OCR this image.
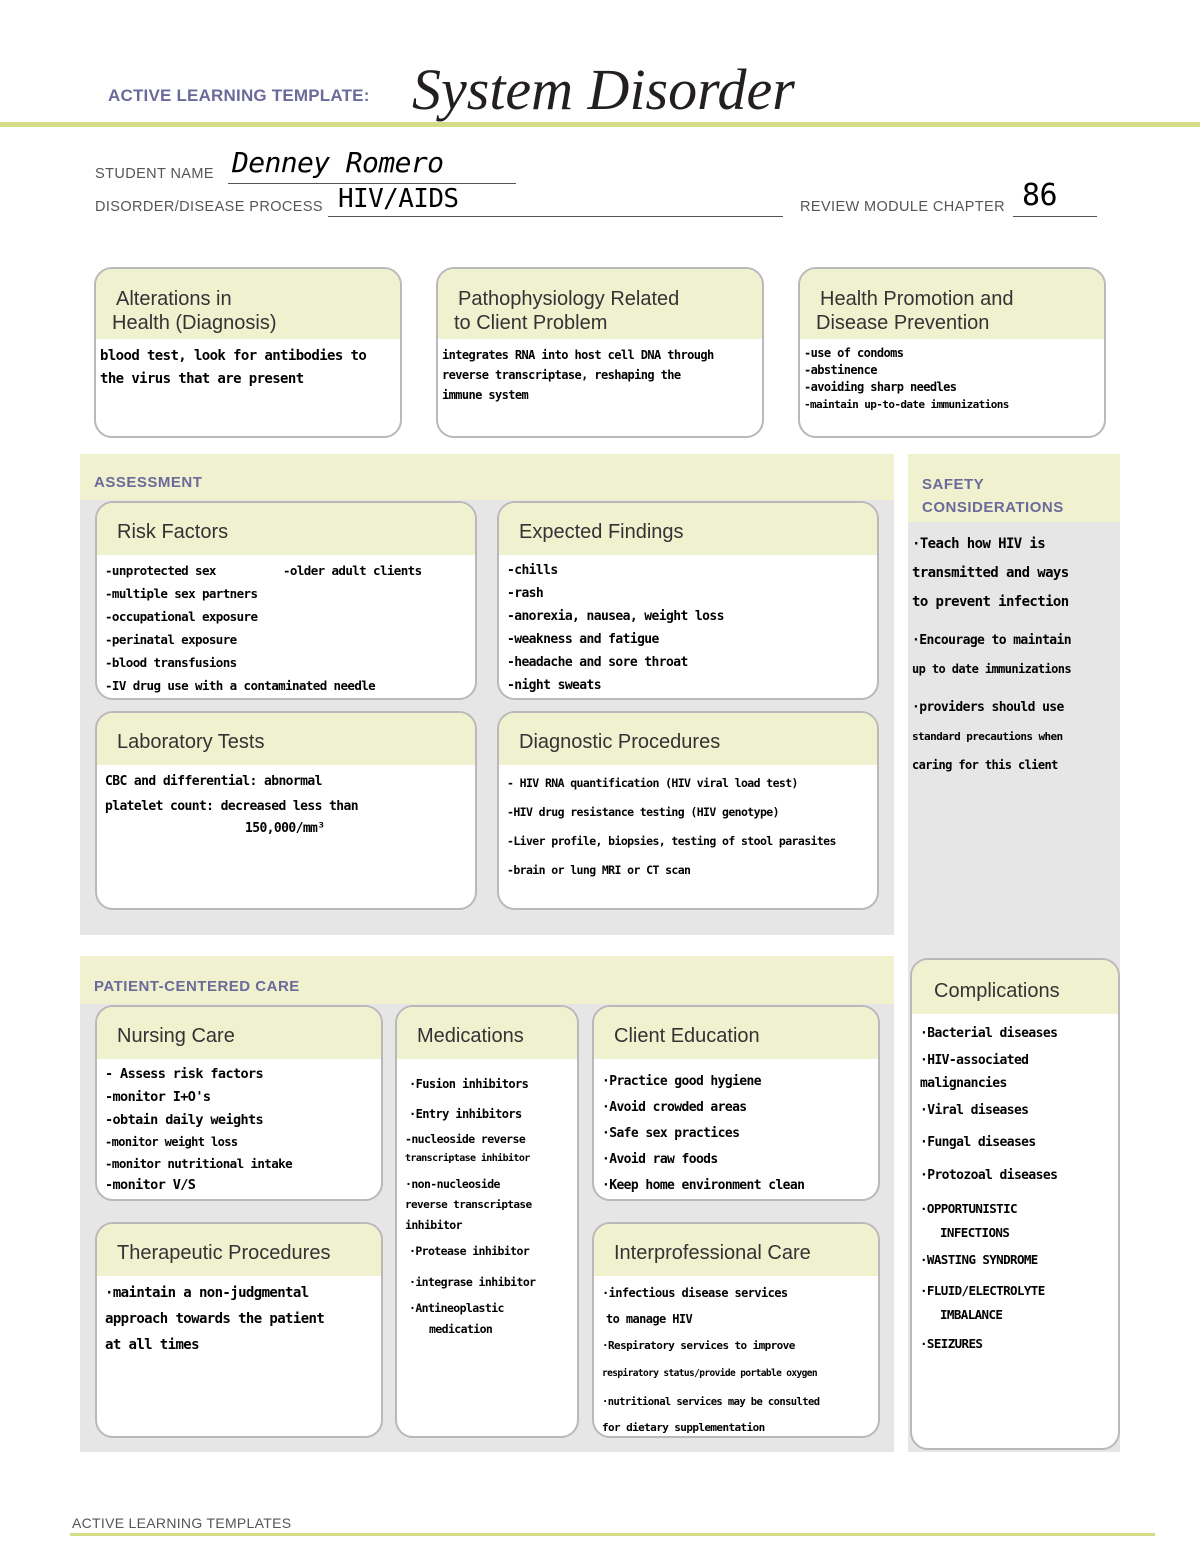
ACTIVE LEARNING TEMPLATE: System Disorder
STUDENT NAME Denney Romero
DISORDER/DISEASE PROCESS HIV/AIDS	REVIEW MODULE CHAPTER 86
Alterations in
Health (Diagnosis)
blood test, look for antibodies to
the virus that are present
Pathophysiology Related
to Client Problem
integrates RNA into host cell DNA through
reverse transcriptase, reshaping the
immune system
Health Promotion and
Disease Prevention
-use of condoms
-abstinence
-avoiding sharp needles
-maintain up-to-date immunizations
ASSESSMENT
Risk Factors
-unprotected sex
-multiple sex partners
-occupational exposure
-perinatal exposure
-blood transfusions
-IV drug use with a contaminated needle
-older adult clients
Expected Findings
-chills
-rash
-anorexia, nausea, weight loss
-weakness and fatigue
-headache and sore throat
-night sweats
Laboratory Tests
CBC and differential: abnormal
platelet count: decreased less than
150,000/mm³
Diagnostic Procedures
- HIV RNA quantification (HIV viral load test)
-HIV drug resistance testing (HIV genotype)
-Liver profile, biopsies, testing of stool parasites
-brain or lung MRI or CT scan
SAFETY
CONSIDERATIONS
·Teach how HIV is
transmitted and ways
to prevent infection
·Encourage to maintain
up to date immunizations
·providers should use
standard precautions when
caring for this client
PATIENT-CENTERED CARE
Nursing Care
- Assess risk factors
-monitor I+O's
-obtain daily weights
-monitor weight loss
-monitor nutritional intake
-monitor V/S
Therapeutic Procedures
·maintain a non-judgmental
approach towards the patient
at all times
Medications
·Fusion inhibitors
·Entry inhibitors
-nucleoside reverse
transcriptase inhibitor
·non-nucleoside
reverse transcriptase
inhibitor
·Protease inhibitor
·integrase inhibitor
·Antineoplastic
medication
Client Education
·Practice good hygiene
·Avoid crowded areas
·Safe sex practices
·Avoid raw foods
·Keep home environment clean
Interprofessional Care
·infectious disease services
to manage HIV
·Respiratory services to improve
respiratory status/provide portable oxygen
·nutritional services may be consulted
for dietary supplementation
Complications
·Bacterial diseases
·HIV-associated
malignancies
·Viral diseases
·Fungal diseases
·Protozoal diseases
·OPPORTUNISTIC
INFECTIONS
·WASTING SYNDROME
·FLUID/ELECTROLYTE
IMBALANCE
·SEIZURES
ACTIVE LEARNING TEMPLATES
